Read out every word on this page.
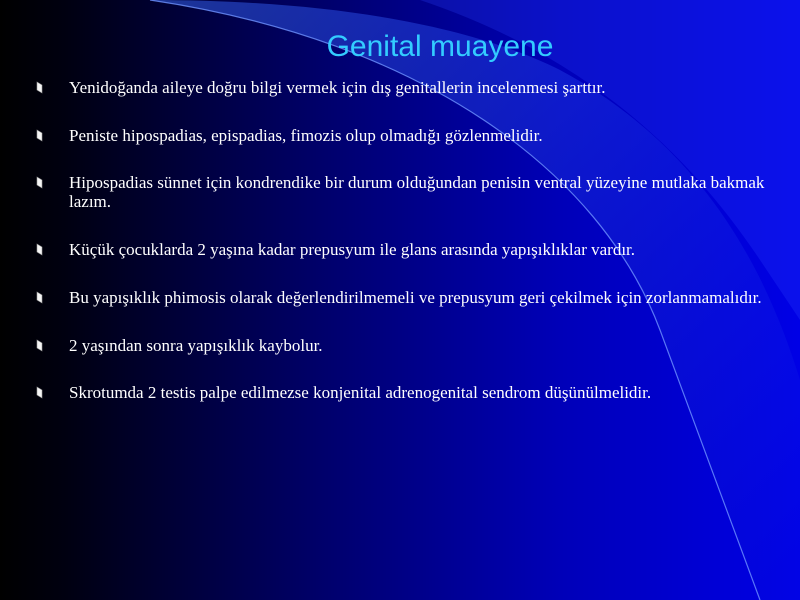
Genital muayene
Yenidoğanda aileye doğru bilgi vermek için dış genitallerin incelenmesi şarttır.
Peniste hipospadias, epispadias, fimozis olup olmadığı gözlenmelidir.
Hipospadias sünnet için kondrendike bir durum olduğundan penisin ventral yüzeyine mutlaka bakmak lazım.
Küçük çocuklarda 2 yaşına kadar prepusyum ile glans arasında yapışıklıklar vardır.
Bu yapışıklık phimosis olarak değerlendirilmemeli ve prepusyum geri çekilmek için zorlanmamalıdır.
2 yaşından sonra yapışıklık kaybolur.
Skrotumda 2 testis palpe edilmezse konjenital adrenogenital sendrom düşünülmelidir.
